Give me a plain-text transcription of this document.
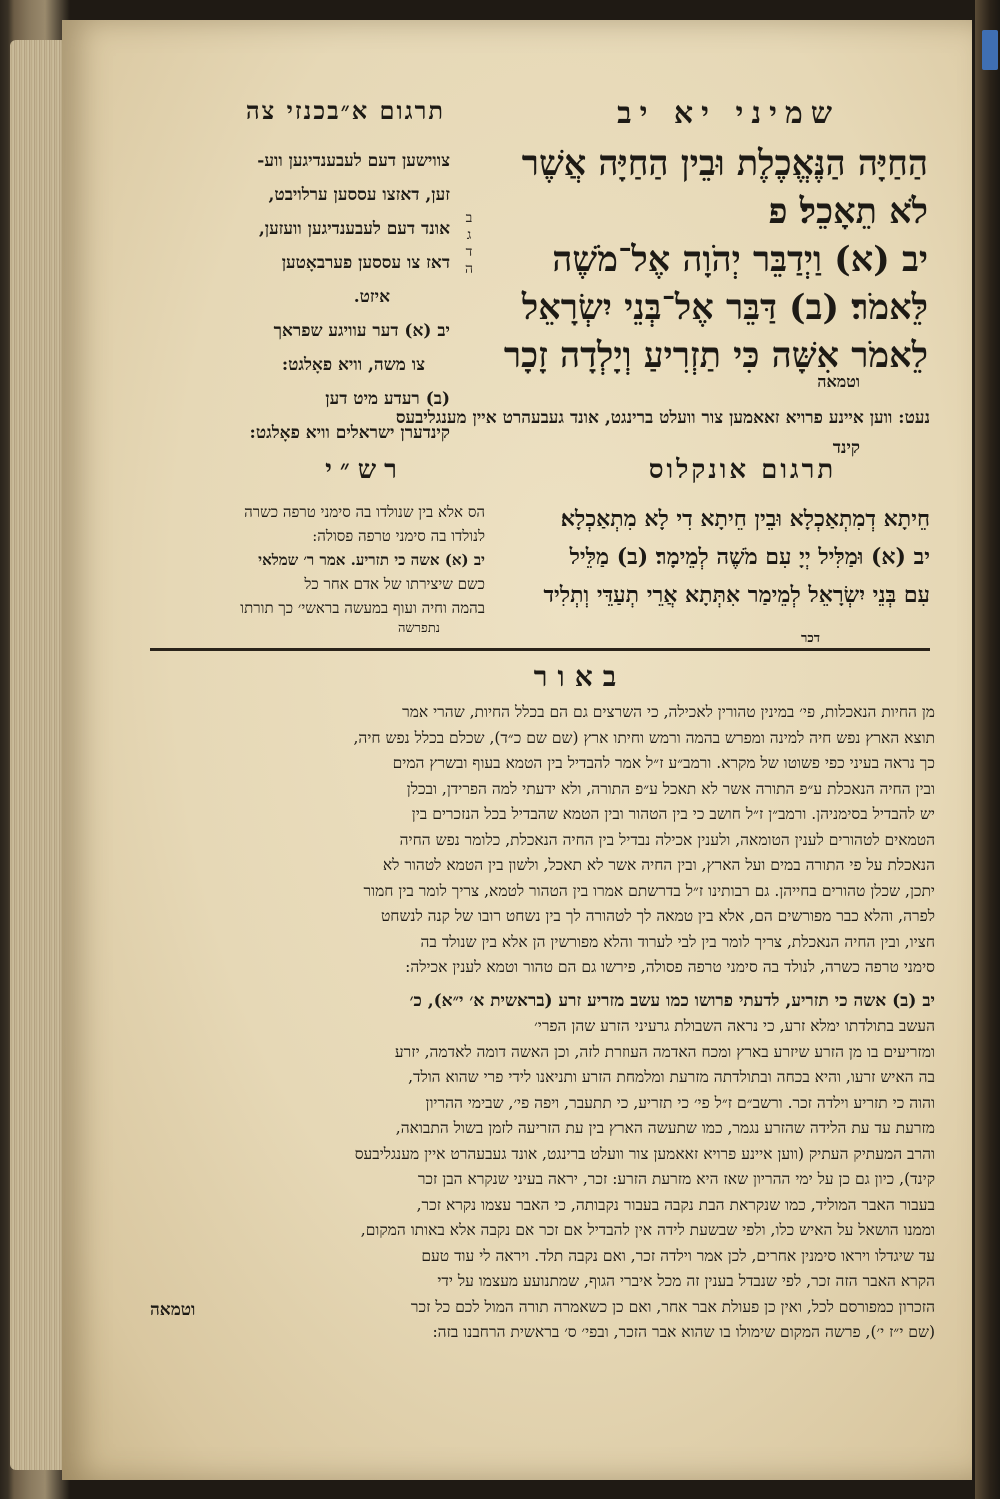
תרגום א״בכנזי צה	שמיני יא יב
צווישען דעם לעבענדיגען ווע-
זען, דאזצו עססען ערלויבט,
אונד דעם לעבענדיגען וועזען,
דאז צו עססען פערבאָטען
איזט.
יב (א) דער עוויגע שפראך
צו משה, וויא פאָלגט:
(ב) רעדע מיט דען
קינדערן ישראלים וויא פאָלגט:
ב
ג
ד
ה
הַחַיָּה הַנֶּאֱכֶלֶת וּבֵין הַחַיָּה אֲשֶׁר
לֹא תֵאָכֵל׃ פ
יב (א) וַיְדַבֵּר יְהֹוָה אֶל־מֹשֶׁה
לֵּאמֹר׃ (ב) דַּבֵּר אֶל־בְּנֵי יִשְׂרָאֵל
לֵאמֹר אִשָּׁה כִּי תַזְרִיעַ וְיָלְדָה זָכָר
וטמאה
נעט: ווען איינע פרויא זאאמען צור וועלט ברינגט, אונד געבעהרט איין מענגליבעס
קינד
תרגום אונקלוס
רש״י
חֵיתָא דְמִתְאַכְלָא וּבֵין חֵיתָא דִי לָא מִתְאַכְלָא׃
יב (א) וּמַלִּיל יְיָ עִם מֹשֶׁה לְמֵימָר׃ (ב) מַלֵּיל
עִם בְּנֵי יִשְׂרָאֵל לְמֵימַר אִתְּתָא אֲרֵי תְעַדֵּי וְתְלִיד
דכר
הס אלא בין שנולדו בה סימני טרפה כשרה
לנולדו בה סימני טרפה פסולה:
יב (א) אשה כי תזריע. אמר ר׳ שמלאי
כשם שיצירתו של אדם אחר כל
בהמה וחיה ועוף במעשה בראשי׳ כך תורתו
נתפרשה
באור
מן החיות הנאכלות, פי׳ במינין טהורין לאכילה, כי השרצים גם הם בכלל החיות, שהרי אמר
תוצא הארץ נפש חיה למינה ומפרש בהמה ורמש וחיתו ארץ (שם שם כ״ד), שכלם בכלל נפש חיה,
כך נראה בעיני כפי פשוטו של מקרא. ורמב״ע ז״ל אמר להבדיל בין הטמא בעוף ובשרץ המים
ובין החיה הנאכלת ע״פ התורה אשר לא תאכל ע״פ התורה, ולא ידעתי למה הפרידן, ובכלן
יש להבדיל בסימניהן. ורמב״ן ז״ל חושב כי בין הטהור ובין הטמא שהבדיל בכל הנזכרים בין
הטמאים לטהורים לענין הטומאה, ולענין אכילה נבדיל בין החיה הנאכלת, כלומר נפש החיה
הנאכלת על פי התורה במים ועל הארץ, ובין החיה אשר לא תאכל, ולשון בין הטמא לטהור לא
יתכן, שכלן טהורים בחייהן. גם רבותינו ז״ל בדרשתם אמרו בין הטהור לטמא, צריך לומר בין חמור
לפרה, והלא כבר מפורשים הם, אלא בין טמאה לך לטהורה לך בין נשחט רובו של קנה לנשחט
חציו, ובין החיה הנאכלת, צריך לומר בין לבי לערוד והלא מפורשין הן אלא בין שנולד בה
סימני טרפה כשרה, לנולד בה סימני טרפה פסולה, פירשו גם הם טהור וטמא לענין אכילה:
יב (ב) אשה כי תזריע, לדעתי פרושו כמו עשב מזריע זרע (בראשית א׳ י״א), כ׳
העשב בתולדתו ימלא זרע, כי נראה השבולת גרעיני הזרע שהן הפרי׳
ומזריעים בו מן הזרע שיזרע בארץ ומכח האדמה העוזרת לזה, וכן האשה דומה לאדמה, יזרע
בה האיש זרעו, והיא בכחה ובתולדתה מזרעת ומלמחת הזרע ותניאנו לידי פרי שהוא הולד,
והוה כי תזריע וילדה זכר. ורשב״ם ז״ל פי׳ כי תזריע, כי תתעבר, ויפה פי׳, שבימי ההריון
מזרעת עד עת הלידה שהזרע נגמר, כמו שתעשה הארץ בין עת הזריעה לזמן בשול התבואה,
והרב המעתיק העתיק (ווען איינע פרויא זאאמען צור וועלט ברינגט, אונד געבעהרט איין מענגליבעס
קינד), כיון גם כן על ימי ההריון שאז היא מזרעת הזרע: זכר, יראה בעיני שנקרא הבן זכר
בעבור האבר המוליד, כמו שנקראת הבת נקבה בעבור נקבותה, כי האבר עצמו נקרא זכר,
וממנו הושאל על האיש כלו, ולפי שבשעת לידה אין להבדיל אם זכר אם נקבה אלא באותו המקום,
עד שיגדלו ויראו סימנין אחרים, לכן אמר וילדה זכר, ואם נקבה תלד. ויראה לי עוד טעם
הקרא האבר הזה זכר, לפי שנבדל בענין זה מכל איברי הגוף, שמתנועע מעצמו על ידי
הזכרון כמפורסם לכל, ואין כן פעולת אבר אחר, ואם כן כשאמרה תורה המול לכם כל זכר
(שם י״ז י׳), פרשה המקום שימולו בו שהוא אבר הזכר, ובפי׳ ס׳ בראשית הרחבנו בזה:
וטמאה
